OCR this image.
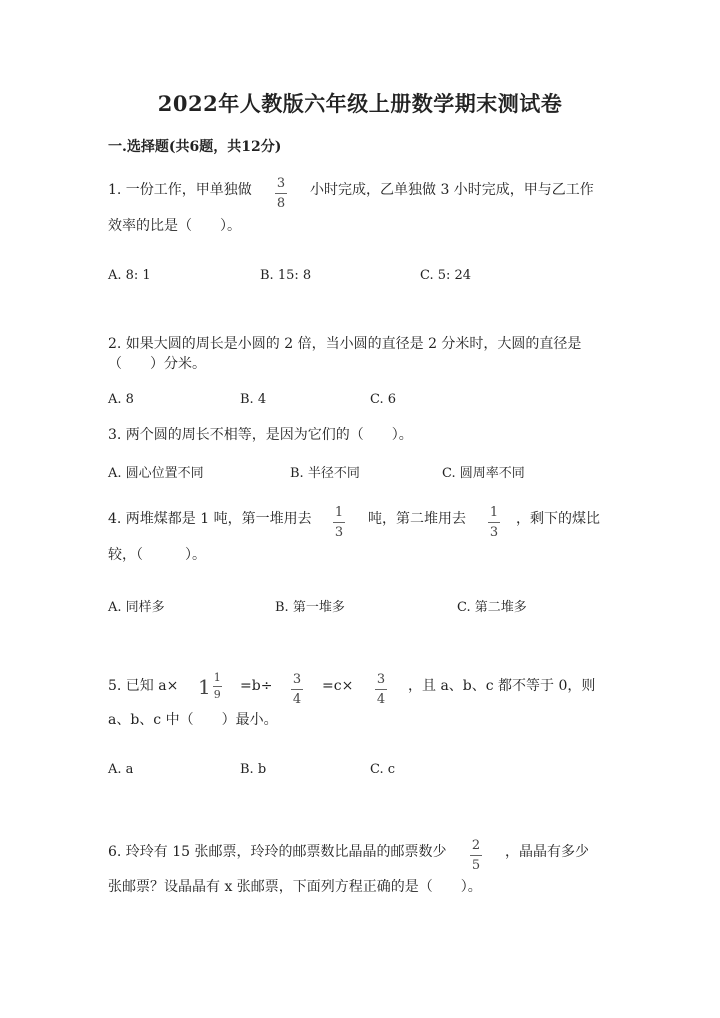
2022年人教版六年级上册数学期末测试卷
一.选择题(共6题，共12分)
1. 一份工作，甲单独做 3
8
小时完成，乙单独做 3 小时完成，甲与乙工作
效率的比是（　　）。
A. 8: 1	B. 15: 8	C. 5: 24
2. 如果大圆的周长是小圆的 2 倍，当小圆的直径是 2 分米时，大圆的直径是
（　　）分米。
A. 8	B. 4	C. 6
3. 两个圆的周长不相等，是因为它们的（　　）。
A. 圆心位置不同	B. 半径不同	C. 圆周率不同
4. 两堆煤都是 1 吨，第一堆用去 1
3
吨，第二堆用去 1
3
，剩下的煤比
较，（　　　）。
A. 同样多	B. 第一堆多	C. 第二堆多
5. 已知 $a\times 1 \frac{1}{9} =b\div 3$
4
=c× 3
4
，且 a、b、c 都不等于 0，则
a、b、c 中（　　）最小。
A. a	B. b	C. c
6. 玲玲有 15 张邮票，玲玲的邮票数比晶晶的邮票数少 2
5
，晶晶有多少
张邮票？设晶晶有 x 张邮票，下面列方程正确的是（　　）。
